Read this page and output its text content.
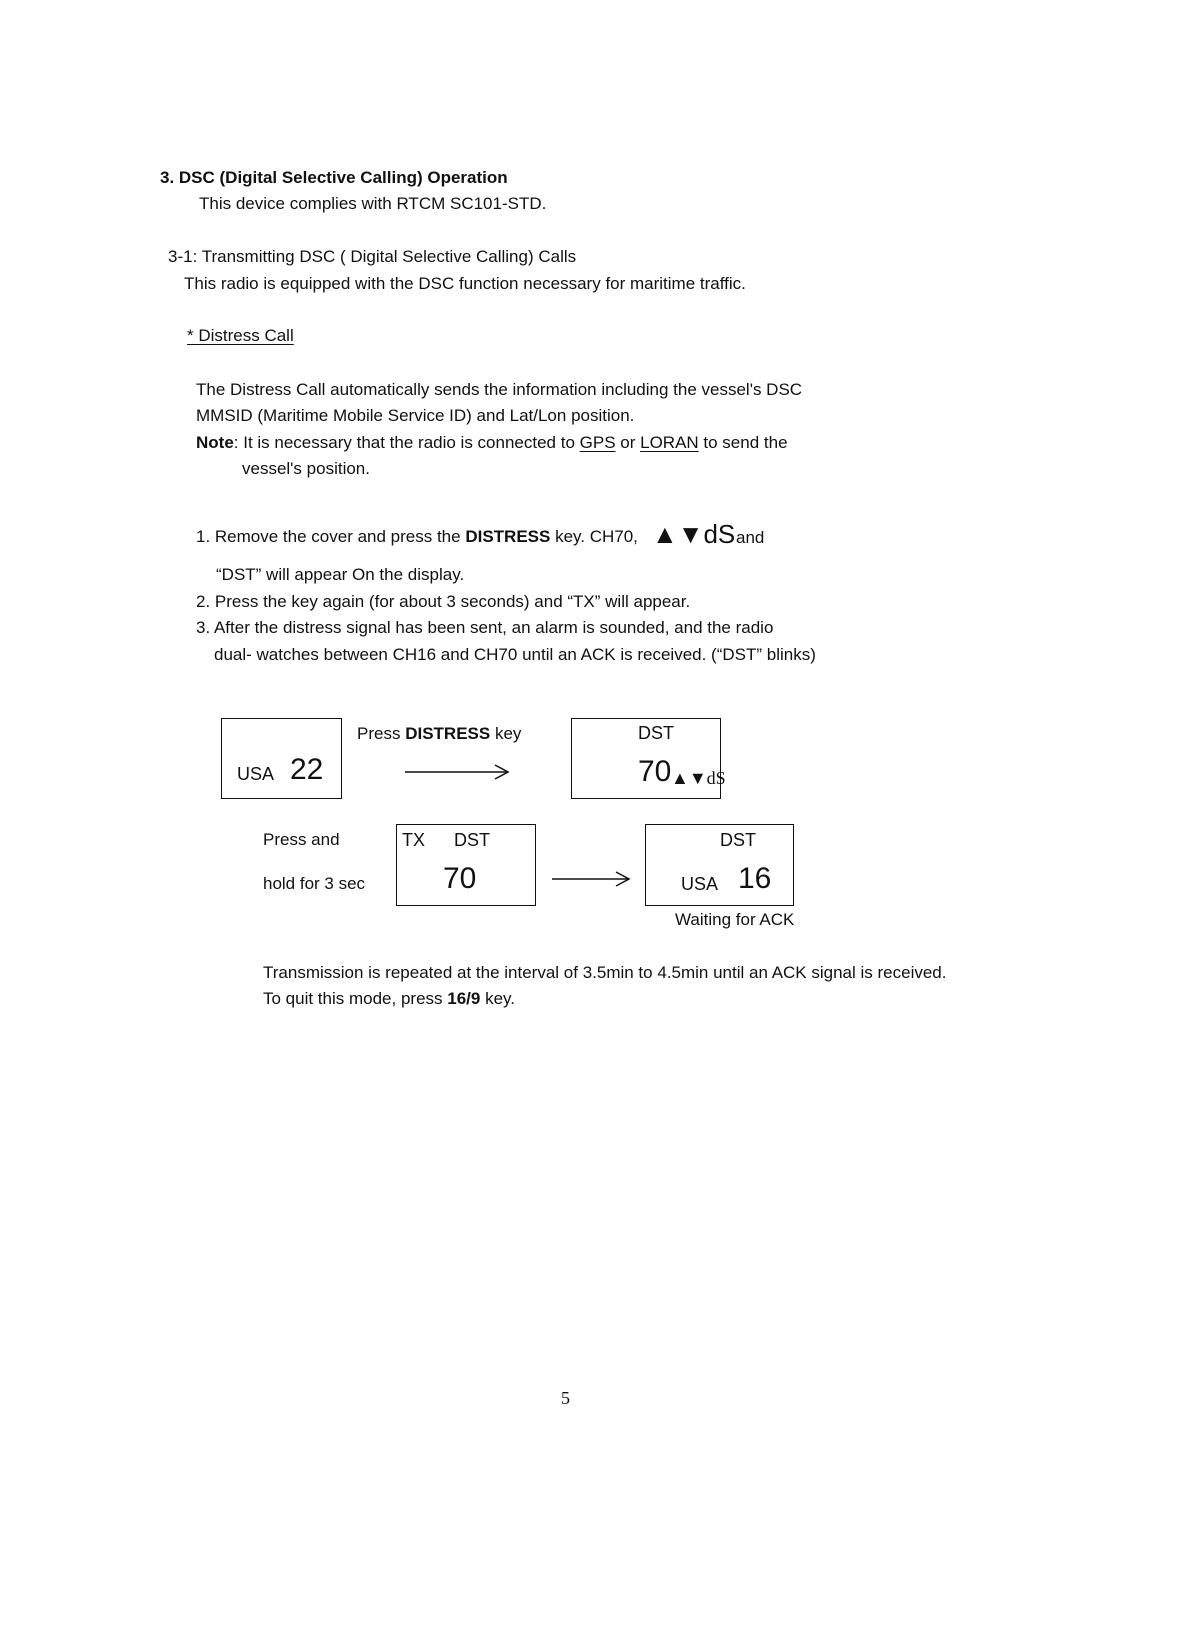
3. DSC (Digital Selective Calling) Operation
This device complies with RTCM SC101-STD.
3-1: Transmitting DSC ( Digital Selective Calling) Calls
This radio is equipped with the DSC function necessary for maritime traffic.
* Distress Call
The Distress Call automatically sends the information including the vessel's DSC
MMSID (Maritime Mobile Service ID) and Lat/Lon position.
Note: It is necessary that the radio is connected to GPS or LORAN to send the
vessel's position.
1. Remove the cover and press the DISTRESS key. CH70, ▲▼dS and
“DST” will appear On the display.
2. Press the key again (for about 3 seconds) and “TX” will appear.
3. After the distress signal has been sent, an alarm is sounded, and the radio
dual- watches between CH16 and CH70 until an ACK is received. (“DST” blinks)
USA 22
Press DISTRESS key	DST
70 ▲▼dS
Press and
hold for 3 sec
TX DST
70
DST
USA 16
Waiting for ACK
Transmission is repeated at the interval of 3.5min to 4.5min until an ACK signal is received.
To quit this mode, press 16/9 key.
5
